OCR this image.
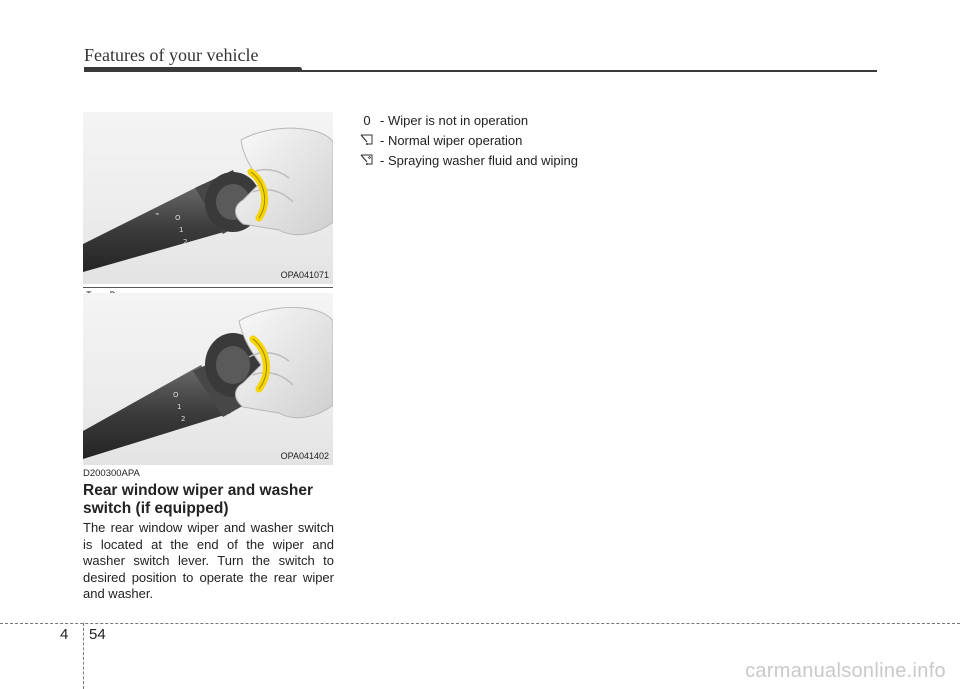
Features of your vehicle
O
1
2
⌁
OPA041071
O
1
2
OPA041402
D200300APA
Rear window wiper and washer switch (if equipped)
The rear window wiper and washer switch is located at the end of the wiper and washer switch lever. Turn the switch to desired position to operate the rear wiper and washer.
0 - Wiper is not in operation
- Normal wiper operation
- Spraying washer fluid and wiping
4 54
carmanualsonline.info
